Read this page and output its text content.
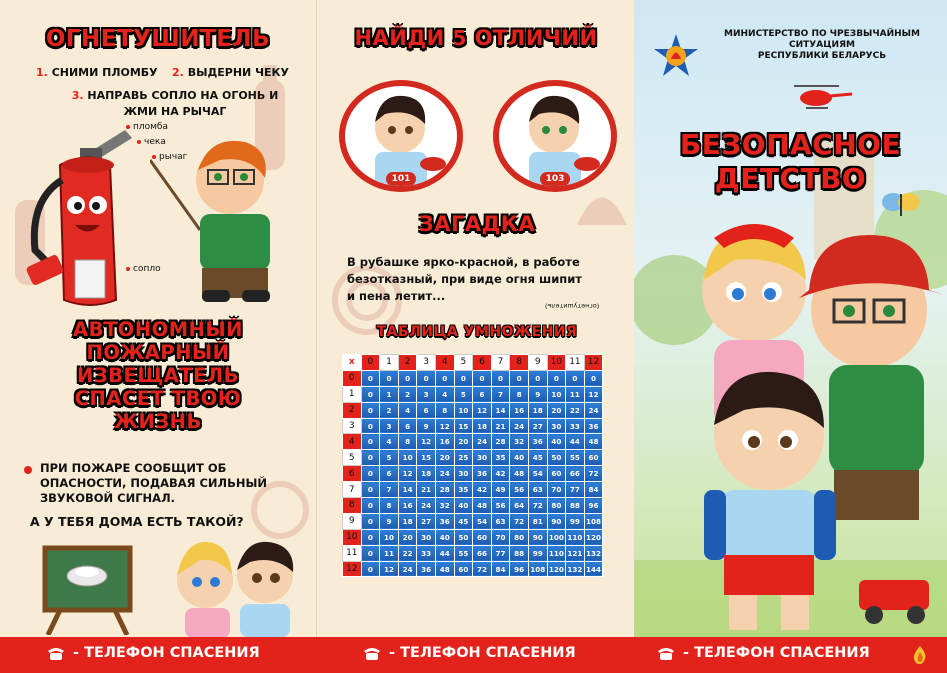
ОГНЕТУШИТЕЛЬ
1. СНИМИ ПЛОМБУ 2. ВЫДЕРНИ ЧЕКУ
3. НАПРАВЬ СОПЛО НА ОГОНЬ И
ЖМИ НА РЫЧАГ
пломба
чека
рычаг
сопло
АВТОНОМНЫЙ
ПОЖАРНЫЙ
ИЗВЕЩАТЕЛЬ
СПАСЕТ ТВОЮ
ЖИЗНЬ
ПРИ ПОЖАРЕ СООБЩИТ ОБ
ОПАСНОСТИ, ПОДАВАЯ СИЛЬНЫЙ
ЗВУКОВОЙ СИГНАЛ.
А У ТЕБЯ ДОМА ЕСТЬ ТАКОЙ?
НАЙДИ 5 ОТЛИЧИЙ
101	103
ЗАГАДКА
В рубашке ярко-красной, в работе
безотказный, при виде огня шипит
и пена летит...
(огнетушитель)
ТАБЛИЦА УМНОЖЕНИЯ
x	0	1	2	3	4	5	6	7	8	9	10	11	12
0	0	0	0	0	0	0	0	0	0	0	0	0	0
1	0	1	2	3	4	5	6	7	8	9	10	11	12
2	0	2	4	6	8	10	12	14	16	18	20	22	24
3	0	3	6	9	12	15	18	21	24	27	30	33	36
4	0	4	8	12	16	20	24	28	32	36	40	44	48
5	0	5	10	15	20	25	30	35	40	45	50	55	60
6	0	6	12	18	24	30	36	42	48	54	60	66	72
7	0	7	14	21	28	35	42	49	56	63	70	77	84
8	0	8	16	24	32	40	48	56	64	72	80	88	96
9	0	9	18	27	36	45	54	63	72	81	90	99	108
10	0	10	20	30	40	50	60	70	80	90	100	110	120
11	0	11	22	33	44	55	66	77	88	99	110	121	132
12	0	12	24	36	48	60	72	84	96	108	120	132	144
БЕЗОПАСНОЕ
ДЕТСТВО
МИНИСТЕРСТВО ПО ЧРЕЗВЫЧАЙНЫМ
СИТУАЦИЯМ
РЕСПУБЛИКИ БЕЛАРУСЬ
- ТЕЛЕФОН СПАСЕНИЯ	- ТЕЛЕФОН СПАСЕНИЯ	- ТЕЛЕФОН СПАСЕНИЯ
